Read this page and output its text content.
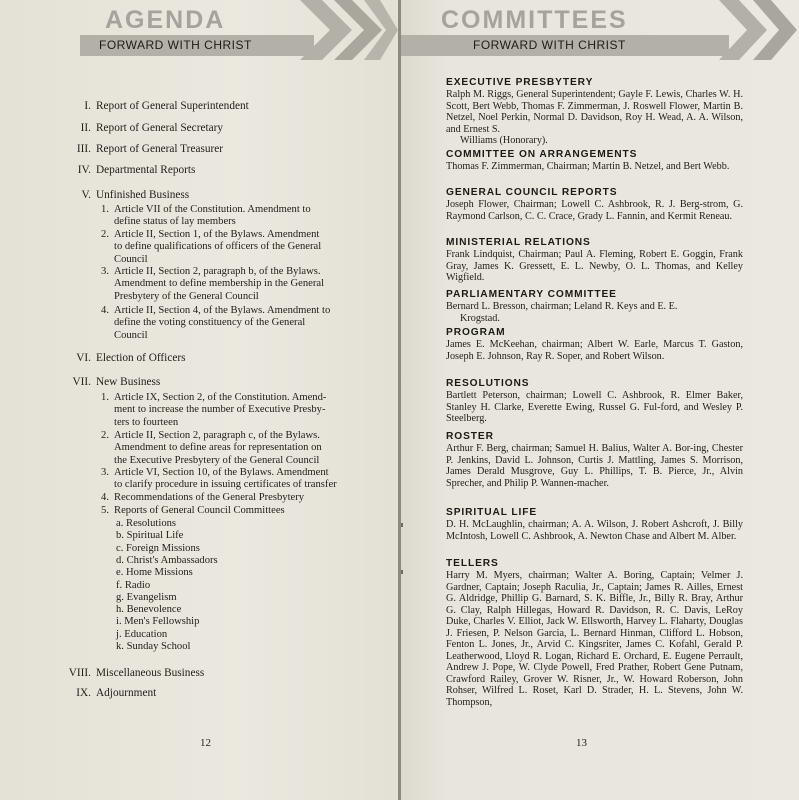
AGENDA
FORWARD WITH CHRIST
I. Report of General Superintendent
II. Report of General Secretary
III. Report of General Treasurer
IV. Departmental Reports
V. Unfinished Business
VI. Election of Officers
VII. New Business
VIII. Miscellaneous Business
IX. Adjournment
1. Article VII of the Constitution. Amendment to
define status of lay members
2. Article II, Section 1, of the Bylaws. Amendment
to define qualifications of officers of the General
Council
3. Article II, Section 2, paragraph b, of the Bylaws.
Amendment to define membership in the General
Presbytery of the General Council
4. Article II, Section 4, of the Bylaws. Amendment to
define the voting constituency of the General
Council
1. Article IX, Section 2, of the Constitution. Amend-
ment to increase the number of Executive Presby-
ters to fourteen
2. Article II, Section 2, paragraph c, of the Bylaws.
Amendment to define areas for representation on
the Executive Presbytery of the General Council
3. Article VI, Section 10, of the Bylaws. Amendment
to clarify procedure in issuing certificates of transfer
4. Recommendations of the General Presbytery
5. Reports of General Council Committees
a. Resolutions
b. Spiritual Life
c. Foreign Missions
d. Christ's Ambassadors
e. Home Missions
f. Radio
g. Evangelism
h. Benevolence
i. Men's Fellowship
j. Education
k. Sunday School
12
COMMITTEES
FORWARD WITH CHRIST
EXECUTIVE PRESBYTERY

Ralph M. Riggs, General Superintendent; Gayle F. Lewis, Charles W. H. Scott, Bert Webb, Thomas F. Zimmerman, J. Roswell Flower, Martin B. Netzel, Noel Perkin, Normal D. Davidson, Roy H. Wead, A. A. Wilson, and Ernest S.

Williams (Honorary).
COMMITTEE ON ARRANGEMENTS

Thomas F. Zimmerman, Chairman; Martin B. Netzel, and Bert Webb.

GENERAL COUNCIL REPORTS

Joseph Flower, Chairman; Lowell C. Ashbrook, R. J. Berg-strom, G. Raymond Carlson, C. C. Crace, Grady L. Fannin, and Kermit Reneau.

MINISTERIAL RELATIONS

Frank Lindquist, Chairman; Paul A. Fleming, Robert E. Goggin, Frank Gray, James K. Gressett, E. L. Newby, O. L. Thomas, and Kelley Wigfield.

PARLIAMENTARY COMMITTEE

Bernard L. Bresson, chairman; Leland R. Keys and E. E.

Krogstad.
PROGRAM

James E. McKeehan, chairman; Albert W. Earle, Marcus T. Gaston, Joseph E. Johnson, Ray R. Soper, and Robert Wilson.

RESOLUTIONS

Bartlett Peterson, chairman; Lowell C. Ashbrook, R. Elmer Baker, Stanley H. Clarke, Everette Ewing, Russel G. Ful-ford, and Wesley P. Steelberg.

ROSTER

Arthur F. Berg, chairman; Samuel H. Balius, Walter A. Bor-ing, Chester P. Jenkins, David L. Johnson, Curtis J. Mattling, James S. Morrison, James Derald Musgrove, Guy L. Phillips, T. B. Pierce, Jr., Alvin Sprecher, and Philip P. Wannen-macher.

SPIRITUAL LIFE

D. H. McLaughlin, chairman; A. A. Wilson, J. Robert Ashcroft, J. Billy McIntosh, Lowell C. Ashbrook, A. Newton Chase and Albert M. Alber.

TELLERS

Harry M. Myers, chairman; Walter A. Boring, Captain; Velmer J. Gardner, Captain; Joseph Raculia, Jr., Captain; James R. Ailles, Ernest G. Aldridge, Phillip G. Barnard, S. K. Biffle, Jr., Billy R. Bray, Arthur G. Clay, Ralph Hillegas, Howard R. Davidson, R. C. Davis, LeRoy Duke, Charles V. Elliot, Jack W. Ellsworth, Harvey L. Flaharty, Douglas J. Friesen, P. Nelson Garcia, L. Bernard Hinman, Clifford L. Hobson, Fenton L. Jones, Jr., Arvid C. Kingsriter, James C. Kofahl, Gerald P. Leatherwood, Lloyd R. Logan, Richard E. Orchard, E. Eugene Perrault, Andrew J. Pope, W. Clyde Powell, Fred Prather, Robert Gene Putnam, Crawford Railey, Grover W. Risner, Jr., W. Howard Roberson, John Rohser, Wilfred L. Roset, Karl D. Strader, H. L. Stevens, John W. Thompson,

13
